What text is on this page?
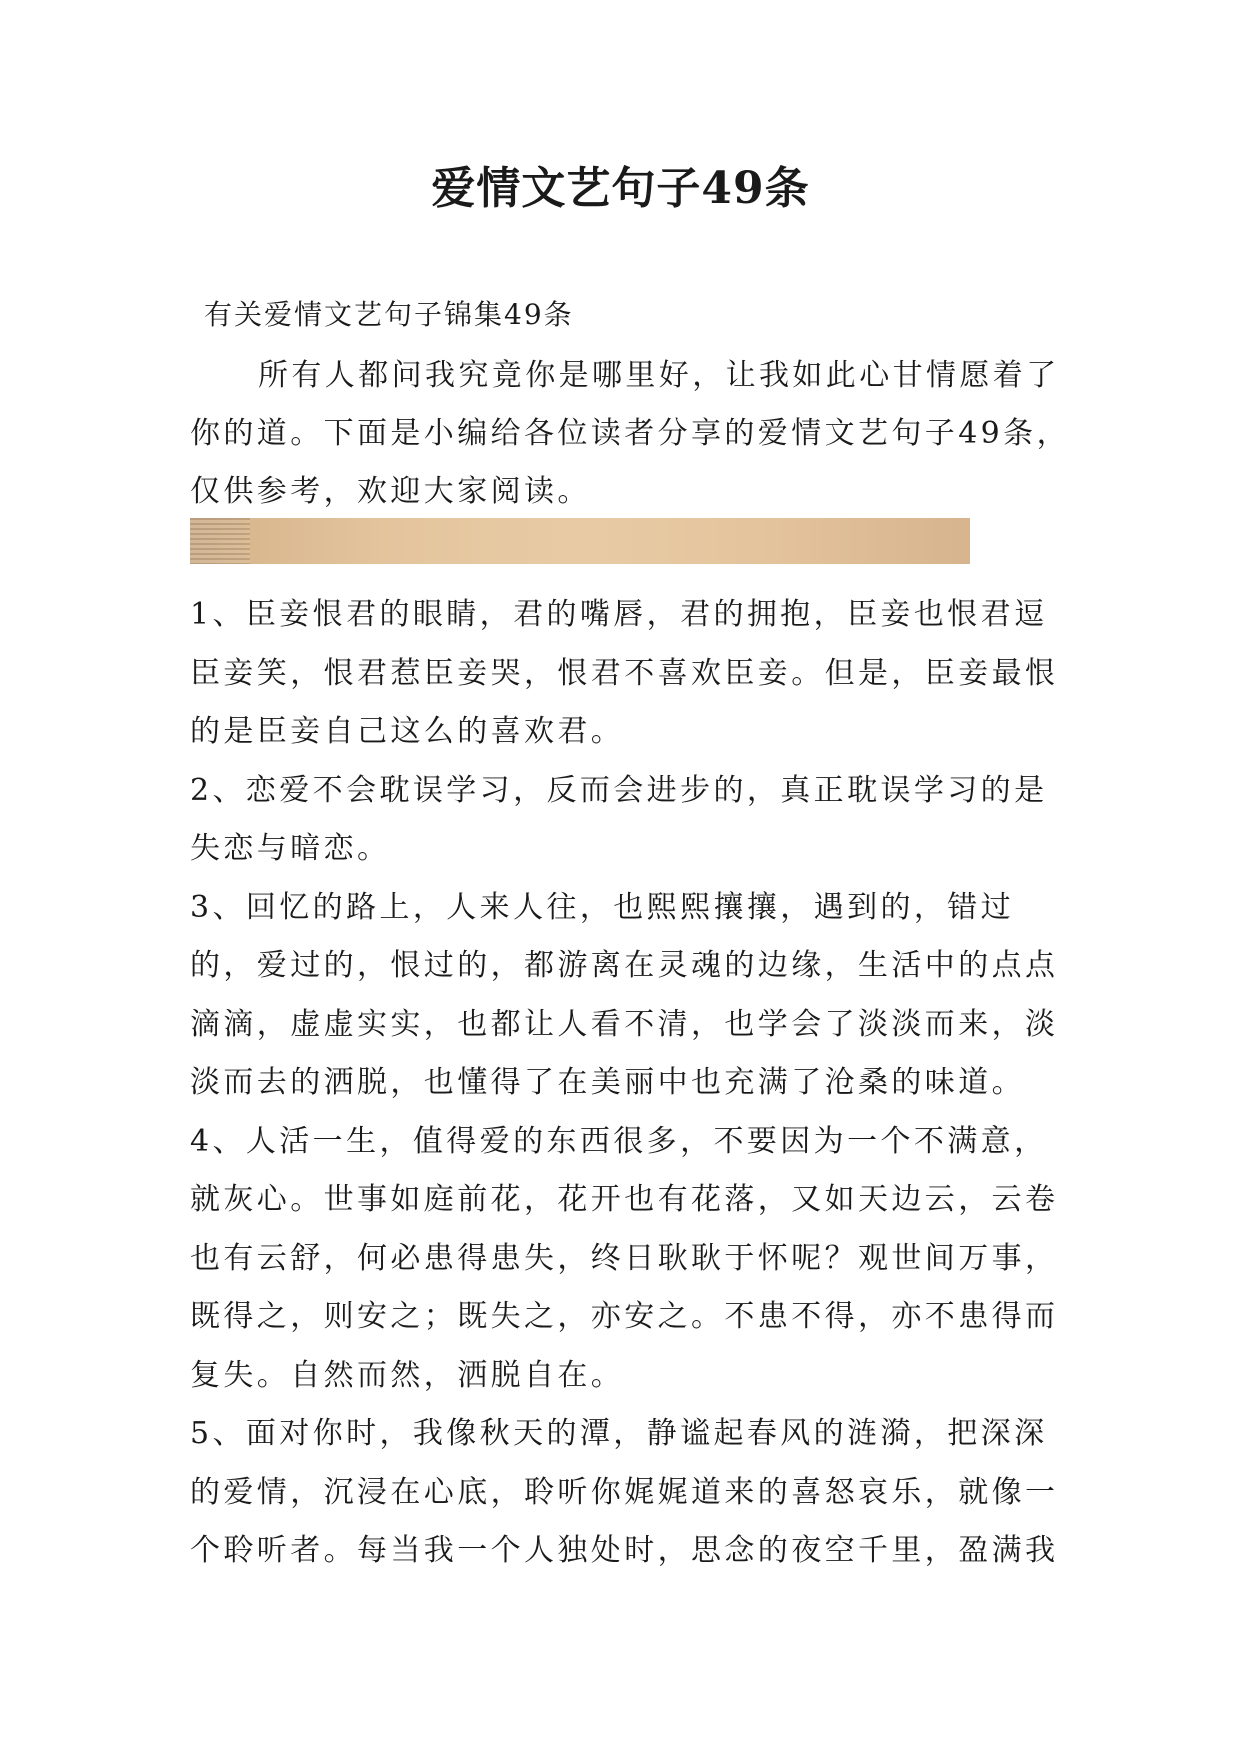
爱情文艺句子49条

有关爱情文艺句子锦集49条

所有人都问我究竟你是哪里好，让我如此心甘情愿着了你的道。下面是小编给各位读者分享的爱情文艺句子49条，仅供参考，欢迎大家阅读。

1、臣妾恨君的眼睛，君的嘴唇，君的拥抱，臣妾也恨君逗臣妾笑，恨君惹臣妾哭，恨君不喜欢臣妾。但是，臣妾最恨的是臣妾自己这么的喜欢君。
2、恋爱不会耽误学习，反而会进步的，真正耽误学习的是失恋与暗恋。
3、回忆的路上，人来人往，也熙熙攘攘，遇到的，错过的，爱过的，恨过的，都游离在灵魂的边缘，生活中的点点滴滴，虚虚实实，也都让人看不清，也学会了淡淡而来，淡淡而去的洒脱，也懂得了在美丽中也充满了沧桑的味道。
4、人活一生，值得爱的东西很多，不要因为一个不满意，就灰心。世事如庭前花，花开也有花落，又如天边云，云卷也有云舒，何必患得患失，终日耿耿于怀呢？观世间万事，既得之，则安之；既失之，亦安之。不患不得，亦不患得而复失。自然而然，洒脱自在。
5、面对你时，我像秋天的潭，静谧起春风的涟漪，把深深的爱情，沉浸在心底，聆听你娓娓道来的喜怒哀乐，就像一个聆听者。每当我一个人独处时，思念的夜空千里，盈满我
